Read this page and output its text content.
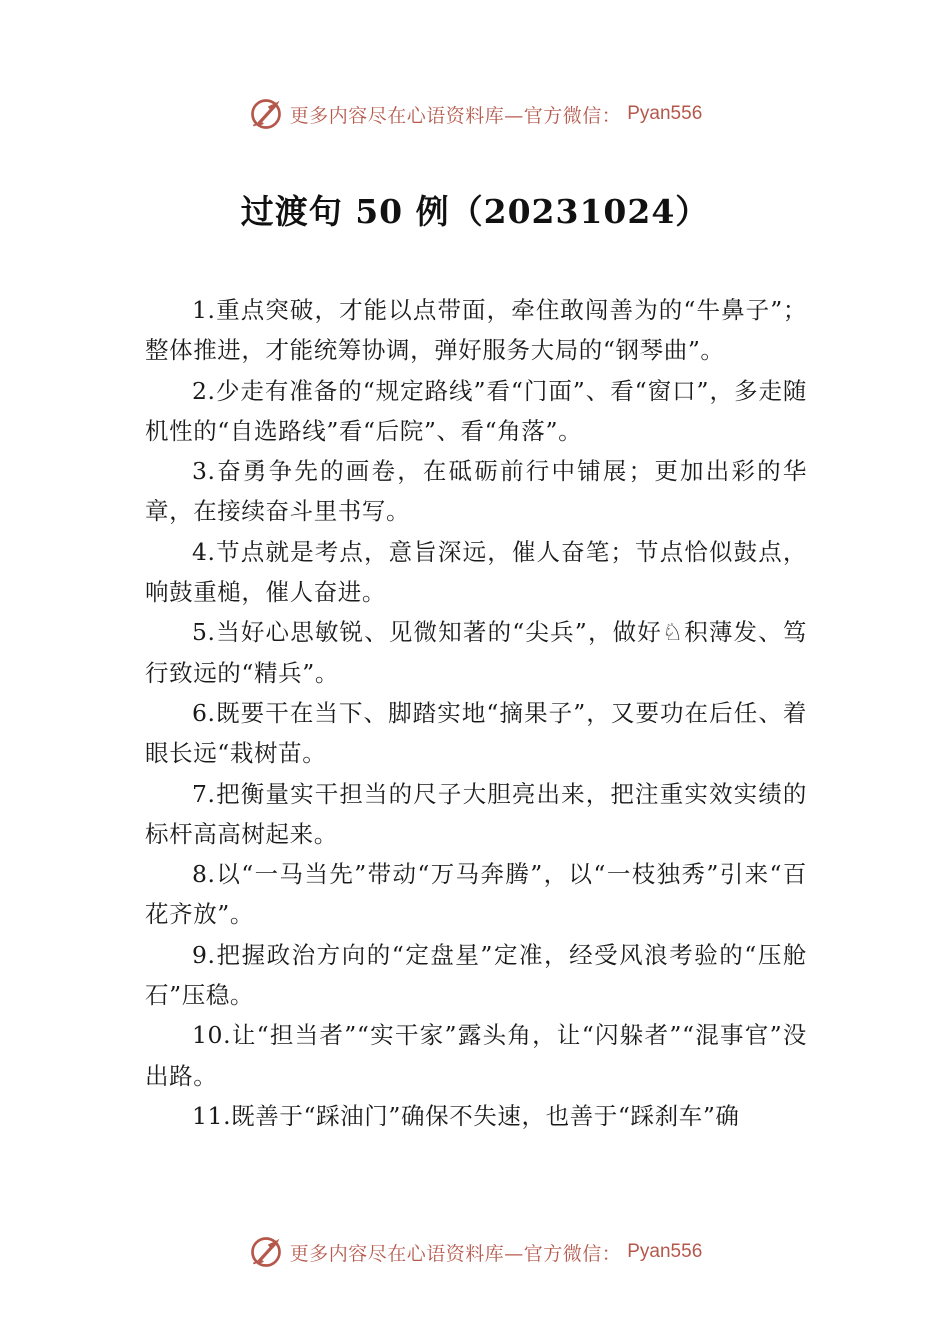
更多内容尽在心语资料库—官方微信： Pyan556
过渡句 50 例（20231024）

1.重点突破，才能以点带面，牵住敢闯善为的“牛鼻子”；整体推进，才能统筹协调，弹好服务大局的“钢琴曲”。

2.少走有准备的“规定路线”看“门面”、看“窗口”，多走随机性的“自选路线”看“后院”、看“角落”。

3.奋勇争先的画卷，在砥砺前行中铺展；更加出彩的华章，在接续奋斗里书写。

4.节点就是考点，意旨深远，催人奋笔；节点恰似鼓点，响鼓重槌，催人奋进。

5.当好心思敏锐、见微知著的“尖兵”，做好♘积薄发、笃行致远的“精兵”。

6.既要干在当下、脚踏实地“摘果子”，又要功在后任、着眼长远“栽树苗。

7.把衡量实干担当的尺子大胆亮出来，把注重实效实绩的标杆高高树起来。

8.以“一马当先”带动“万马奔腾”，以“一枝独秀”引来“百花齐放”。

9.把握政治方向的“定盘星”定准，经受风浪考验的“压舱石”压稳。

10.让“担当者”“实干家”露头角，让“闪躲者”“混事官”没出路。

11.既善于“踩油门”确保不失速，也善于“踩刹车”确

更多内容尽在心语资料库—官方微信： Pyan556
